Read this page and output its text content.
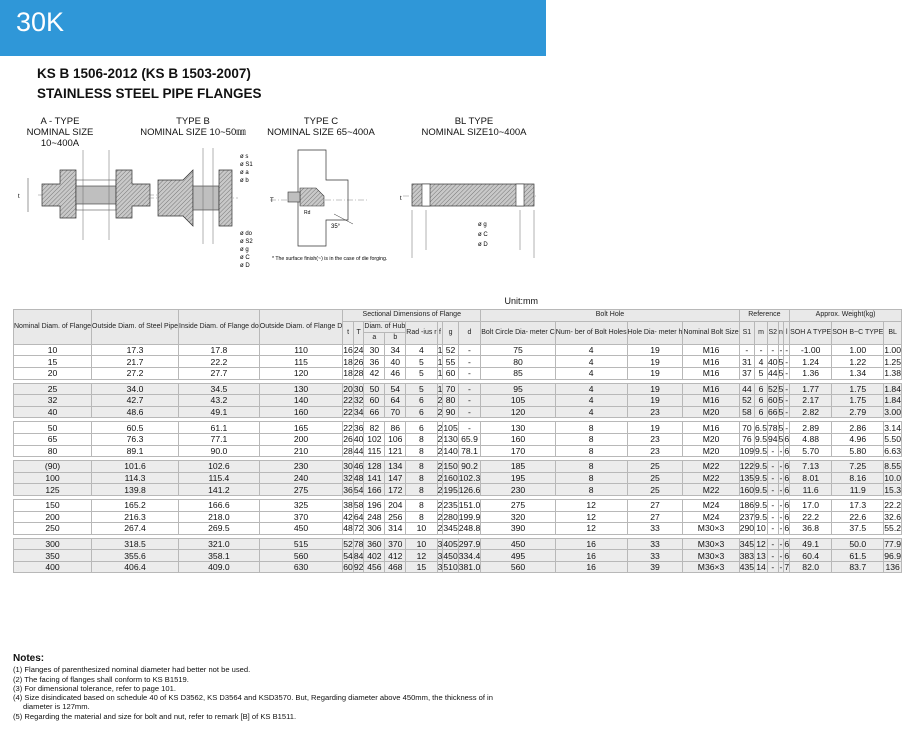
30K
KS B 1506-2012 (KS B 1503-2007)
STAINLESS STEEL PIPE FLANGES
A - TYPE
NOMINAL SIZE 10~400A
TYPE B
NOMINAL SIZE 10~50㎜
TYPE C
NOMINAL SIZE 65~400A
BL TYPE
NOMINAL SIZE10~400A
t
ø s
ø S1
ø a
ø b
ø do
ø S2
ø g
ø C
ø D
35°
Rd
T
* The surface finish(~) is in the case of die forging.
ø g
ø C
ø D
t
Unit:mm
Nominal Diam. of Flange	Outside Diam. of Steel Pipe	Inside Diam. of Flange do	Outside Diam. of Flange D	Sectional Dimensions of Flange								Bolt Hole				Reference					Approx. Weight(kg)		
				t	T	Diam. of Hub		Rad -ius r	f	g	d	Bolt Circle Dia- meter C	Num- ber of Bolt Holes	Hole Dia- meter h	Nominal Bolt Size	S1	m	S2	n	l	SOH A TYPE	SOH B~C TYPE	BL
						a	b																
10	17.3	17.8	110	16	24	30	34	4	1	52	-	75	4	19	M16	-	-	-	-	-	-1.00	1.00	1.00
15	21.7	22.2	115	18	26	36	40	5	1	55	-	80	4	19	M16	31	4	40	5	-	1.24	1.22	1.25
20	27.2	27.7	120	18	28	42	46	5	1	60	-	85	4	19	M16	37	5	44	5	-	1.36	1.34	1.38

25	34.0	34.5	130	20	30	50	54	5	1	70	-	95	4	19	M16	44	6	52	5	-	1.77	1.75	1.84
32	42.7	43.2	140	22	32	60	64	6	2	80	-	105	4	19	M16	52	6	60	5	-	2.17	1.75	1.84
40	48.6	49.1	160	22	34	66	70	6	2	90	-	120	4	23	M20	58	6	66	5	-	2.82	2.79	3.00

50	60.5	61.1	165	22	36	82	86	6	2	105	-	130	8	19	M16	70	6.5	78	5	-	2.89	2.86	3.14
65	76.3	77.1	200	26	40	102	106	8	2	130	65.9	160	8	23	M20	76	9.5	94	5	6	4.88	4.96	5.50
80	89.1	90.0	210	28	44	115	121	8	2	140	78.1	170	8	23	M20	109	9.5	-	-	6	5.70	5.80	6.63

(90)	101.6	102.6	230	30	46	128	134	8	2	150	90.2	185	8	25	M22	122	9.5	-	-	6	7.13	7.25	8.55
100	114.3	115.4	240	32	48	141	147	8	2	160	102.3	195	8	25	M22	135	9.5	-	-	6	8.01	8.16	10.0
125	139.8	141.2	275	36	54	166	172	8	2	195	126.6	230	8	25	M22	160	9.5	-	-	6	11.6	11.9	15.3

150	165.2	166.6	325	38	58	196	204	8	2	235	151.0	275	12	27	M24	186	9.5	-	-	6	17.0	17.3	22.2
200	216.3	218.0	370	42	64	248	256	8	2	280	199.9	320	12	27	M24	237	9.5	-	-	6	22.2	22.6	32.6
250	267.4	269.5	450	48	72	306	314	10	2	345	248.8	390	12	33	M30×3	290	10	-	-	6	36.8	37.5	55.2

300	318.5	321.0	515	52	78	360	370	10	3	405	297.9	450	16	33	M30×3	345	12	-	-	6	49.1	50.0	77.9
350	355.6	358.1	560	54	84	402	412	12	3	450	334.4	495	16	33	M30×3	383	13	-	-	6	60.4	61.5	96.9
400	406.4	409.0	630	60	92	456	468	15	3	510	381.0	560	16	39	M36×3	435	14	-	-	7	82.0	83.7	136
Notes:
(1) Flanges of parenthesized nominal diameter had better not be used.
(2) The facing of flanges shall conform to KS B1519.
(3) For dimensional tolerance, refer to page 101.
(4) Size disindicated based on schedule 40 of KS D3562, KS D3564 and KSD3570. But, Regarding diameter above 450mm, the thickness of in
diameter is 127mm.
(5) Regarding the material and size for bolt and nut, refer to remark [B] of KS B1511.
